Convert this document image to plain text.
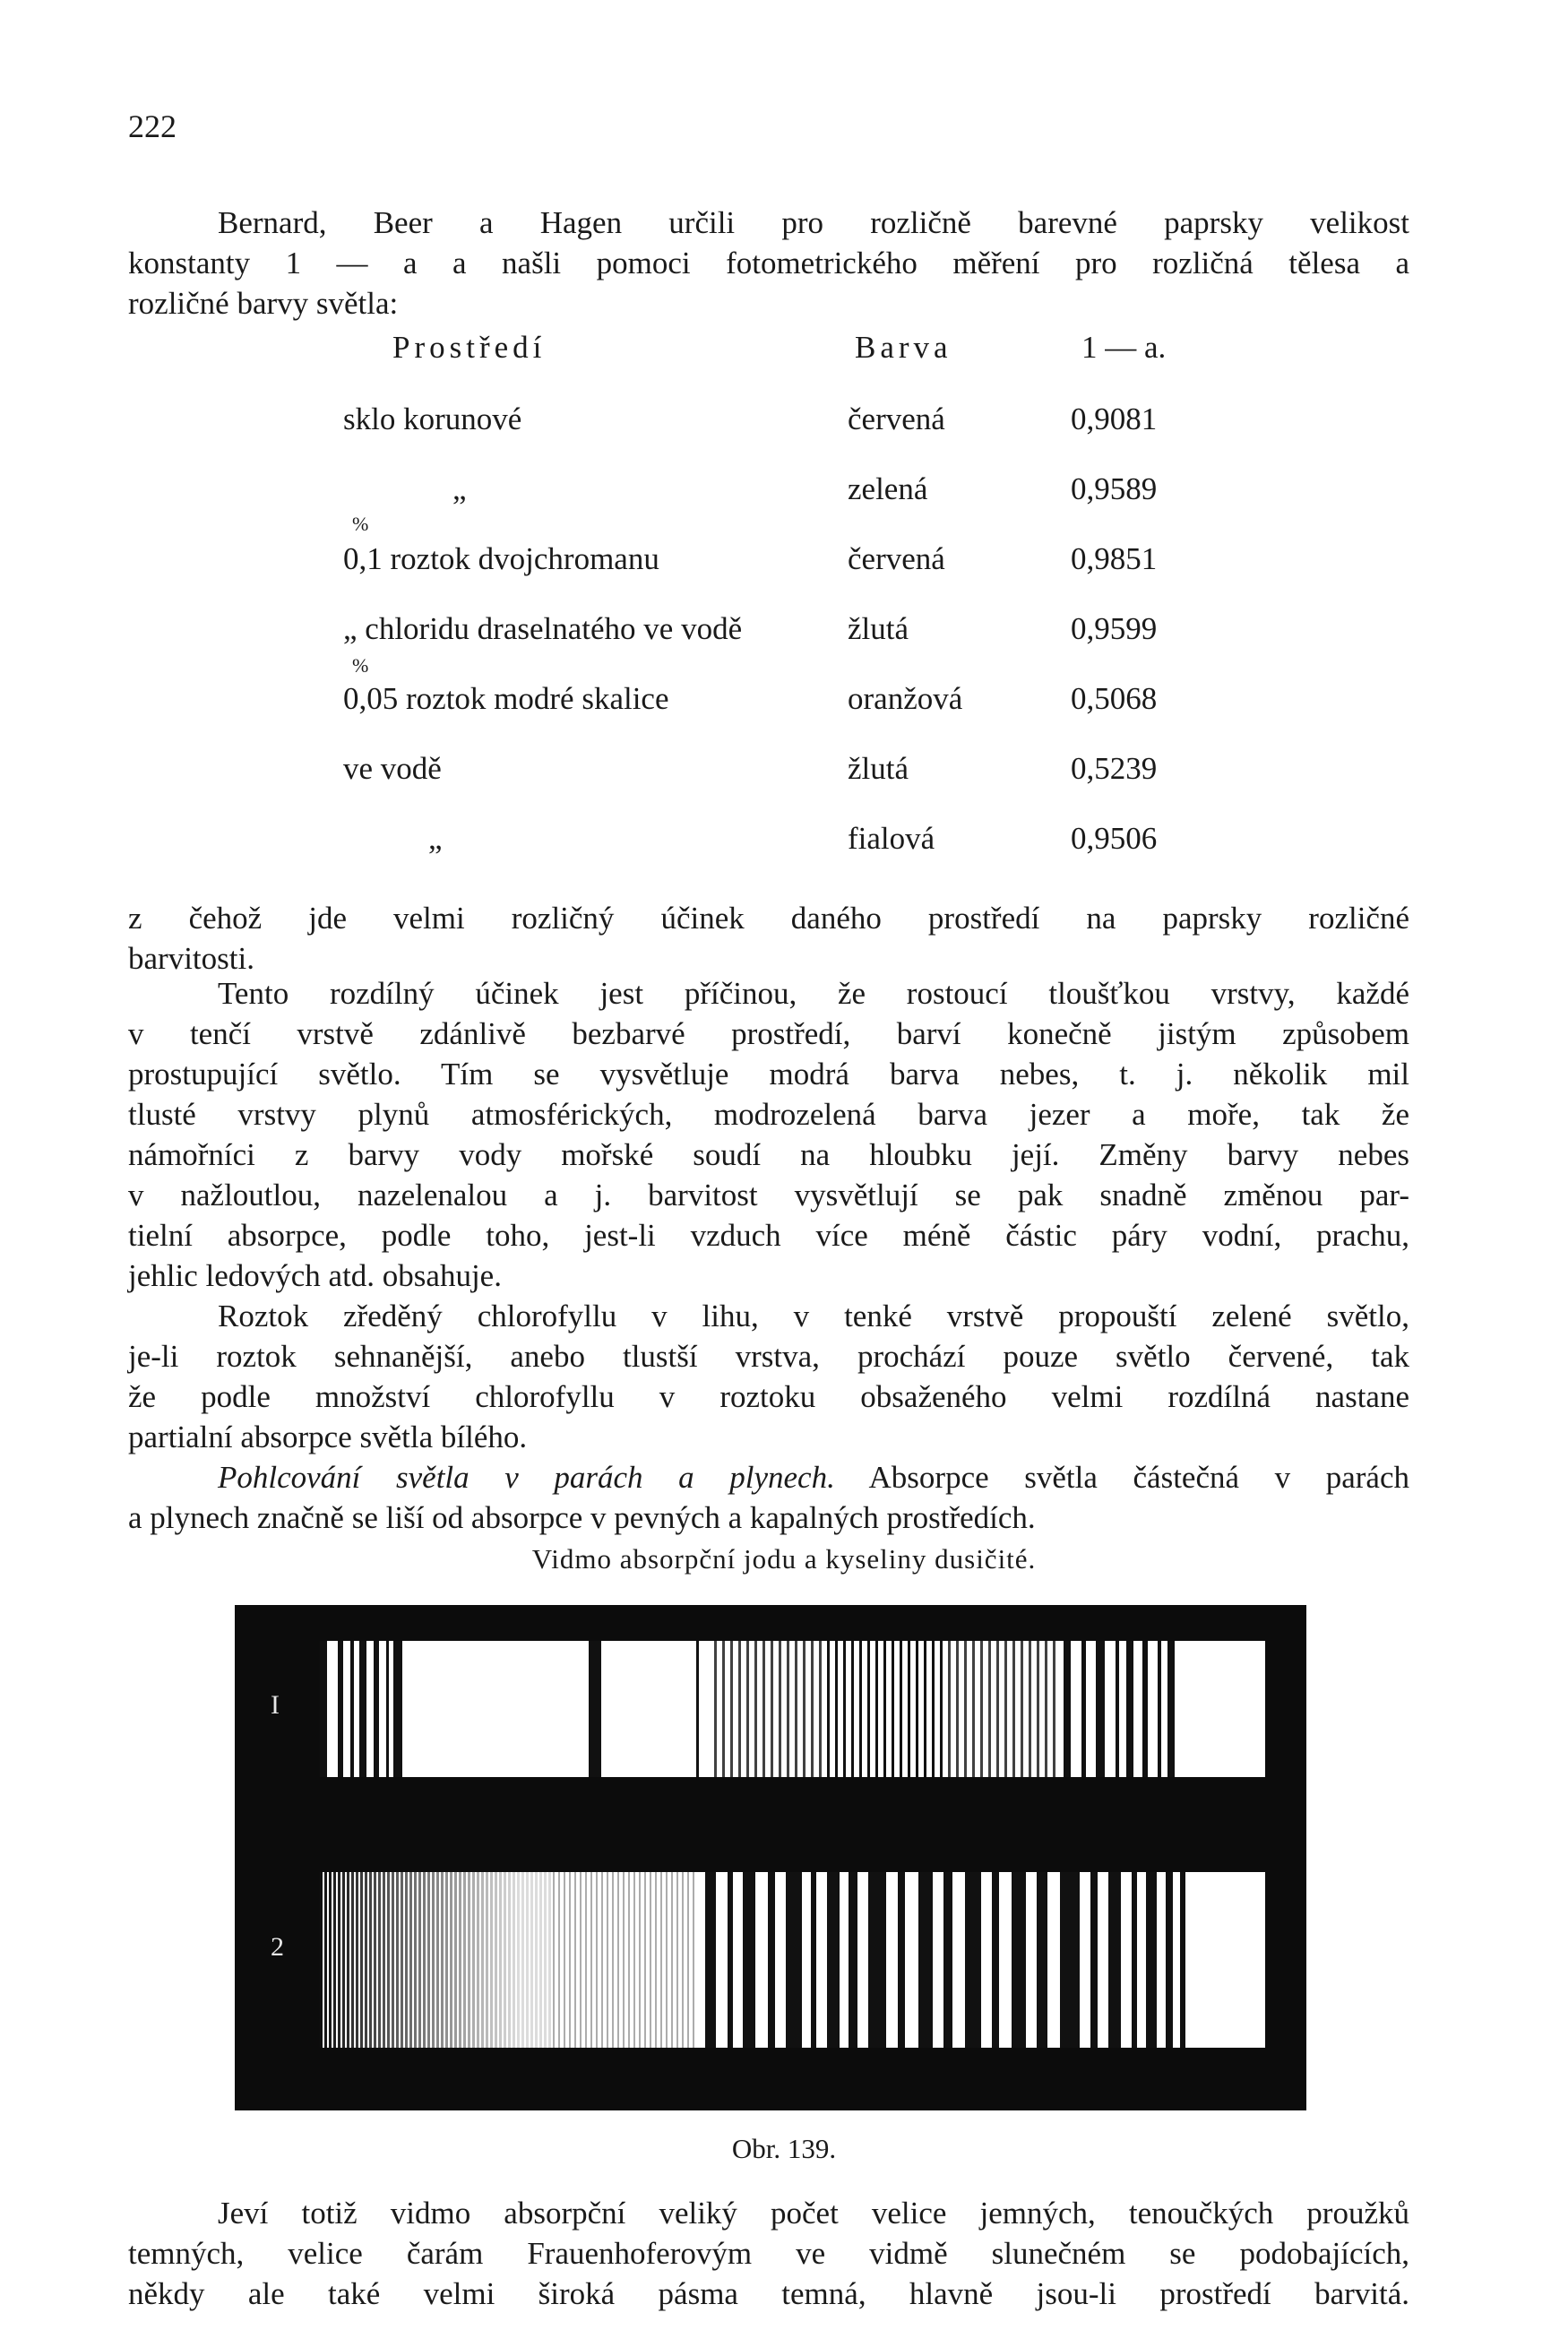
222
Bernard, Beer a Hagen určili pro rozličně barevné paprsky velikost
konstanty 1 — a a našli pomoci fotometrického měření pro rozličná tělesa a
rozličné barvy světla:
Prostředí	Barva	1 — a.
sklo korunové	červená	0,9081
„	zelená	0,9589
%
0,1 roztok dvojchromanu	červená	0,9851
„ chloridu draselnatého ve vodě	žlutá	0,9599
%
0,05 roztok modré skalice	oranžová	0,5068
ve vodě	žlutá	0,5239
„	fialová	0,9506
z čehož jde velmi rozličný účinek daného prostředí na paprsky rozličné
barvitosti.
Tento rozdílný účinek jest příčinou, že rostoucí tloušťkou vrstvy, každé
v tenčí vrstvě zdánlivě bezbarvé prostředí, barví konečně jistým způsobem
prostupující světlo. Tím se vysvětluje modrá barva nebes, t. j. několik mil
tlusté vrstvy plynů atmosférických, modrozelená barva jezer a moře, tak že
námořníci z barvy vody mořské soudí na hloubku její. Změny barvy nebes
v nažloutlou, nazelenalou a j. barvitost vysvětlují se pak snadně změnou par-
tielní absorpce, podle toho, jest-li vzduch více méně částic páry vodní, prachu,
jehlic ledových atd. obsahuje.
Roztok zředěný chlorofyllu v lihu, v tenké vrstvě propouští zelené světlo,
je-li roztok sehnanější, anebo tlustší vrstva, prochází pouze světlo červené, tak
že podle množství chlorofyllu v roztoku obsaženého velmi rozdílná nastane
partialní absorpce světla bílého.
Pohlcování světla v parách a plynech. Absorpce světla částečná v parách
a plynech značně se liší od absorpce v pevných a kapalných prostředích.
Vidmo absorpční jodu a kyseliny dusičité.
I
2
Obr. 139.
Jeví totiž vidmo absorpční veliký počet velice jemných, tenoučkých proužků
temných, velice čarám Frauenhoferovým ve vidmě slunečném se podobajících,
někdy ale také velmi široká pásma temná, hlavně jsou-li prostředí barvitá.
